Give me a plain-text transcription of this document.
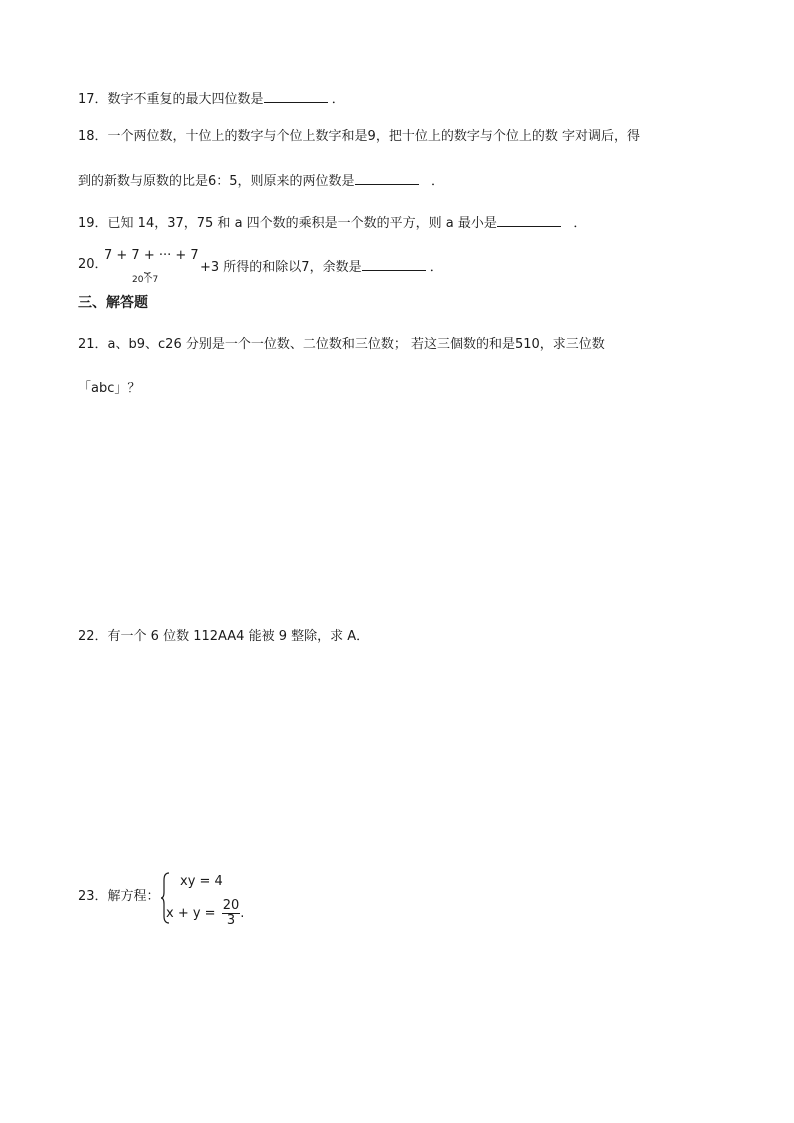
17．数字不重复的最大四位数是	．
18．一个两位数，十位上的数字与个位上数字和是9，把十位上的数字与个位上的数 字对调后，得
到的新数与原数的比是6：5，则原来的两位数是	．
19．已知 14，37，75 和 a 四个数的乘积是一个数的平方，则 a 最小是	．
20．
7 + 7 + ··· + 7
⏟
20个7
+3 所得的和除以7，余数是	．
三、解答题
21．a、b9、c26 分别是一个一位数、二位数和三位数； 若这三個数的和是510，求三位数
「abc」？
22．有一个 6 位数 112AA4 能被 9 整除，求 A．
23．解方程：
xy = 4
$x + y = \frac{20}{3}$ .
